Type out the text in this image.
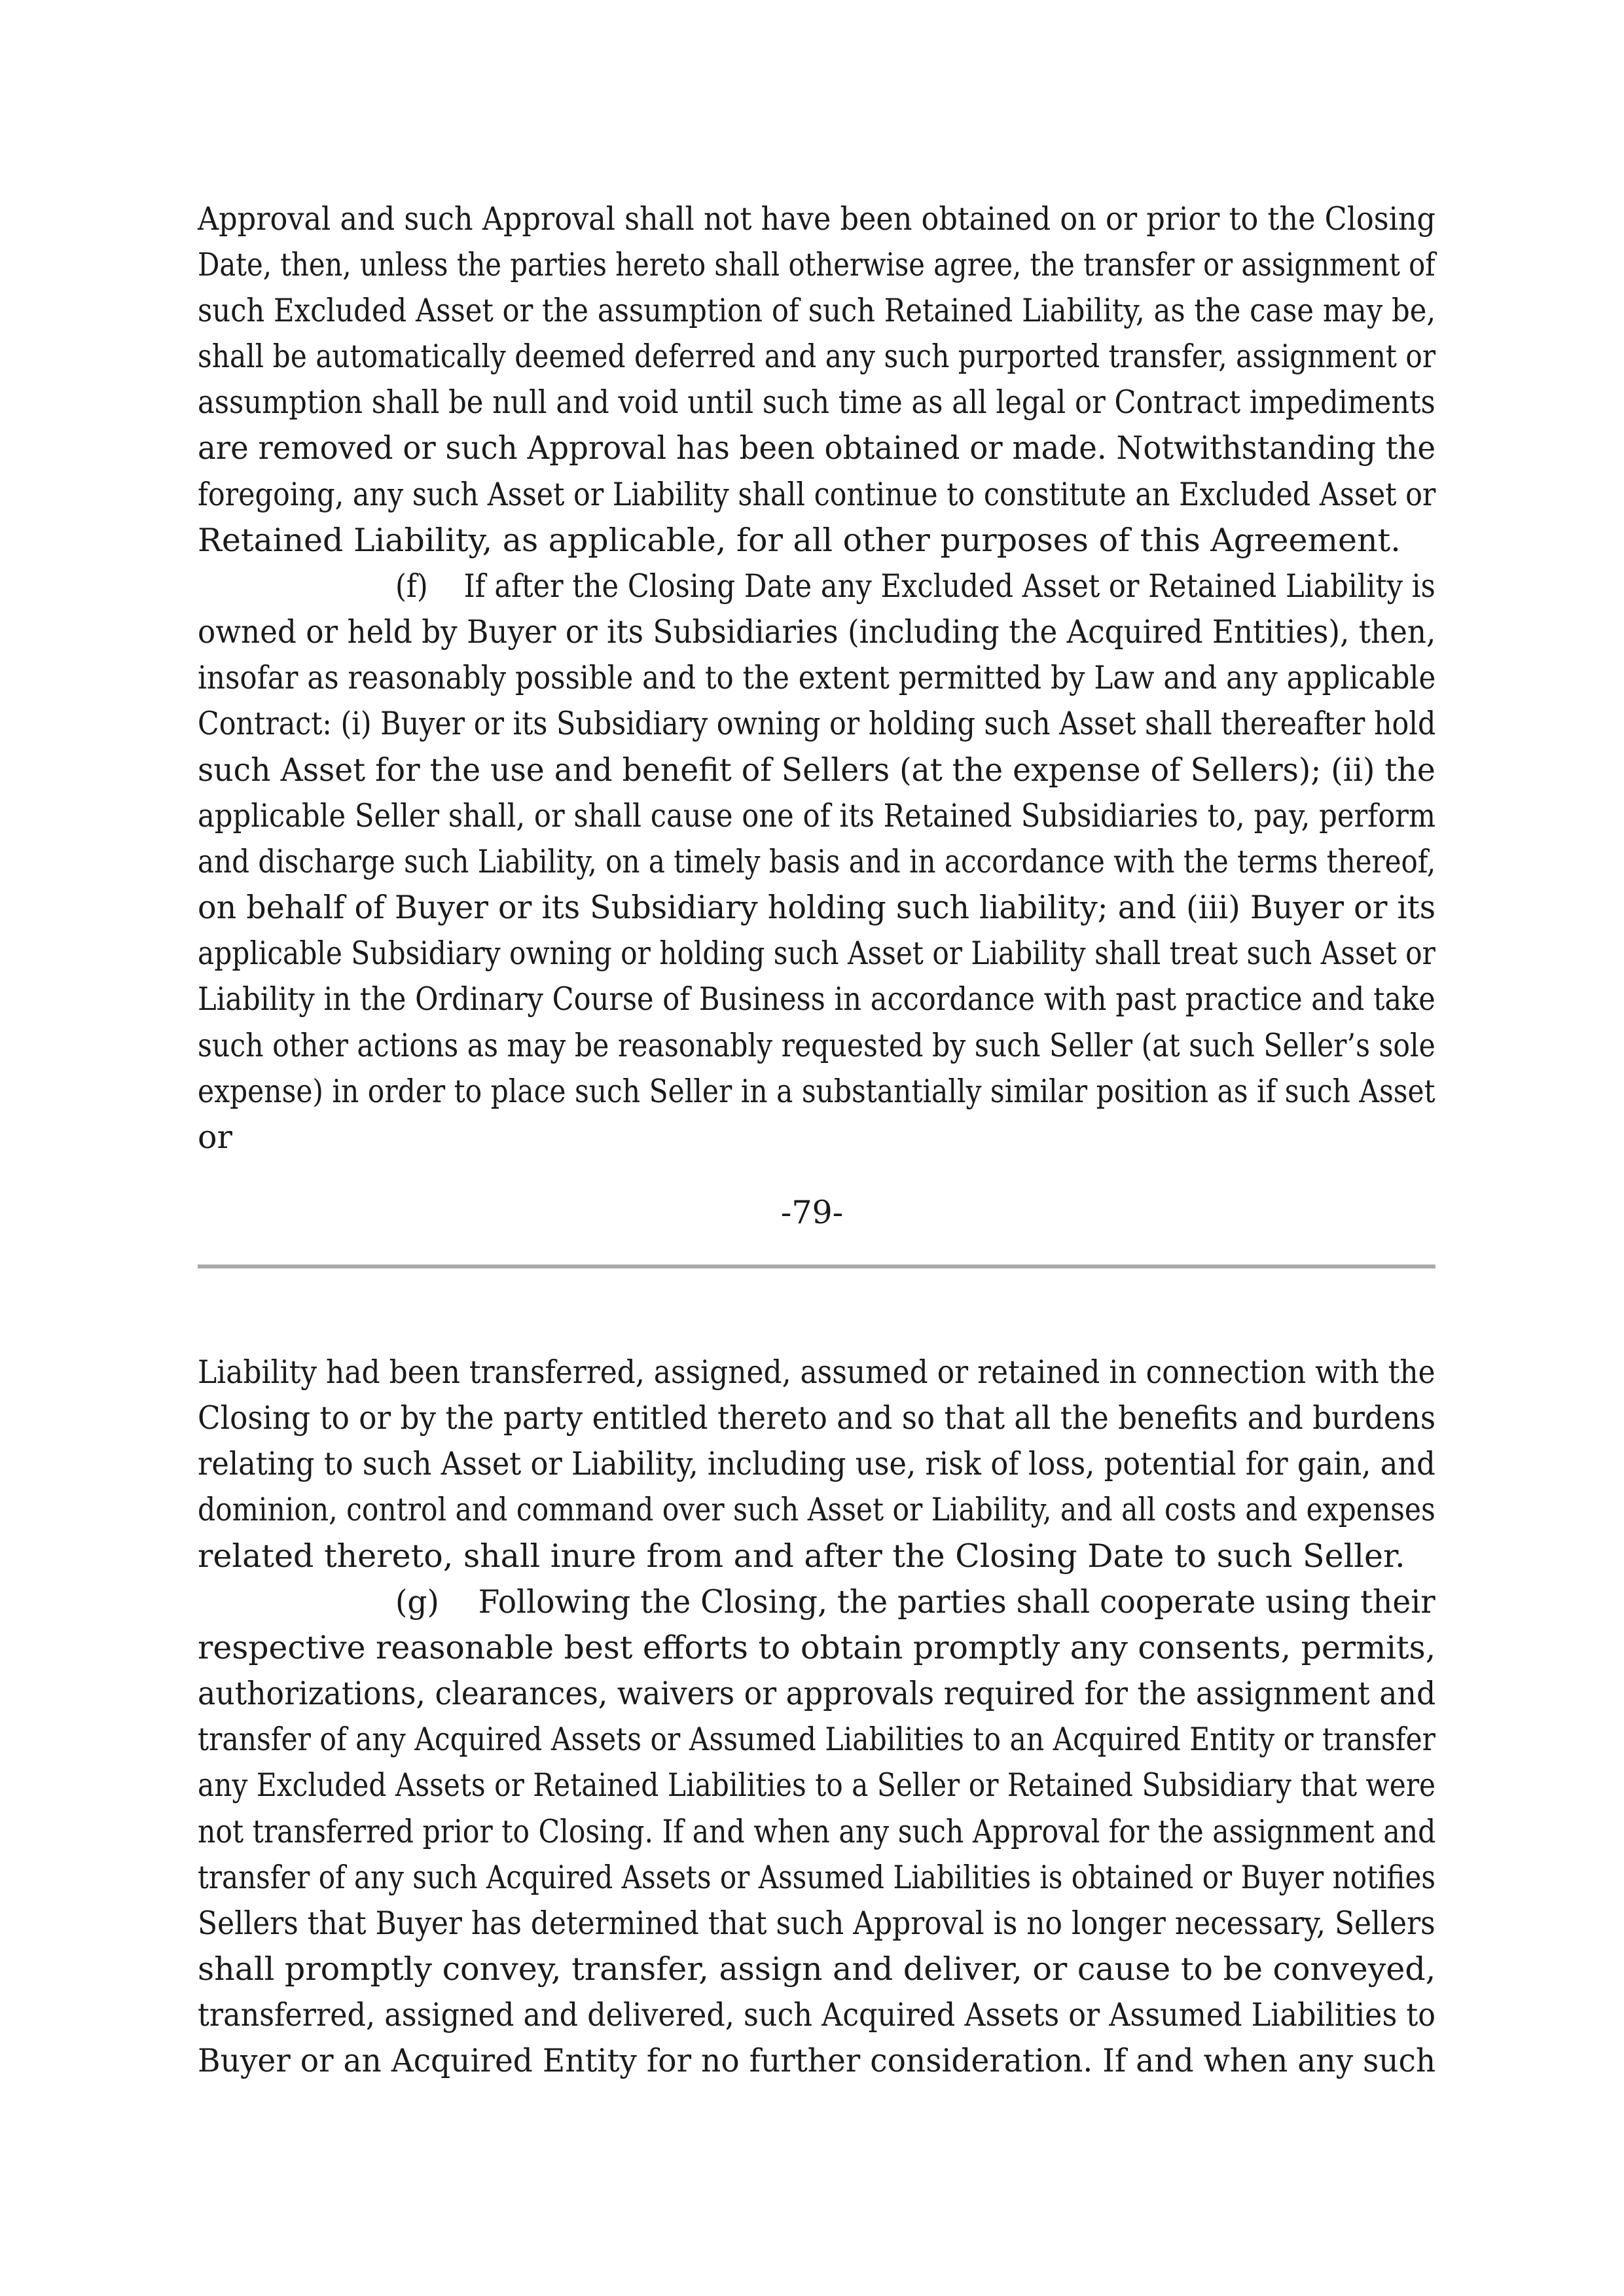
Approval and such Approval shall not have been obtained on or prior to the Closing
Date, then, unless the parties hereto shall otherwise agree, the transfer or assignment of
such Excluded Asset or the assumption of such Retained Liability, as the case may be,
shall be automatically deemed deferred and any such purported transfer, assignment or
assumption shall be null and void until such time as all legal or Contract impediments
are removed or such Approval has been obtained or made. Notwithstanding the
foregoing, any such Asset or Liability shall continue to constitute an Excluded Asset or
Retained Liability, as applicable, for all other purposes of this Agreement.
(f)    If after the Closing Date any Excluded Asset or Retained Liability is
owned or held by Buyer or its Subsidiaries (including the Acquired Entities), then,
insofar as reasonably possible and to the extent permitted by Law and any applicable
Contract: (i) Buyer or its Subsidiary owning or holding such Asset shall thereafter hold
such Asset for the use and benefit of Sellers (at the expense of Sellers); (ii) the
applicable Seller shall, or shall cause one of its Retained Subsidiaries to, pay, perform
and discharge such Liability, on a timely basis and in accordance with the terms thereof,
on behalf of Buyer or its Subsidiary holding such liability; and (iii) Buyer or its
applicable Subsidiary owning or holding such Asset or Liability shall treat such Asset or
Liability in the Ordinary Course of Business in accordance with past practice and take
such other actions as may be reasonably requested by such Seller (at such Seller’s sole
expense) in order to place such Seller in a substantially similar position as if such Asset
or
-79-
Liability had been transferred, assigned, assumed or retained in connection with the
Closing to or by the party entitled thereto and so that all the benefits and burdens
relating to such Asset or Liability, including use, risk of loss, potential for gain, and
dominion, control and command over such Asset or Liability, and all costs and expenses
related thereto, shall inure from and after the Closing Date to such Seller.
(g)    Following the Closing, the parties shall cooperate using their
respective reasonable best efforts to obtain promptly any consents, permits,
authorizations, clearances, waivers or approvals required for the assignment and
transfer of any Acquired Assets or Assumed Liabilities to an Acquired Entity or transfer
any Excluded Assets or Retained Liabilities to a Seller or Retained Subsidiary that were
not transferred prior to Closing. If and when any such Approval for the assignment and
transfer of any such Acquired Assets or Assumed Liabilities is obtained or Buyer notifies
Sellers that Buyer has determined that such Approval is no longer necessary, Sellers
shall promptly convey, transfer, assign and deliver, or cause to be conveyed,
transferred, assigned and delivered, such Acquired Assets or Assumed Liabilities to
Buyer or an Acquired Entity for no further consideration. If and when any such
